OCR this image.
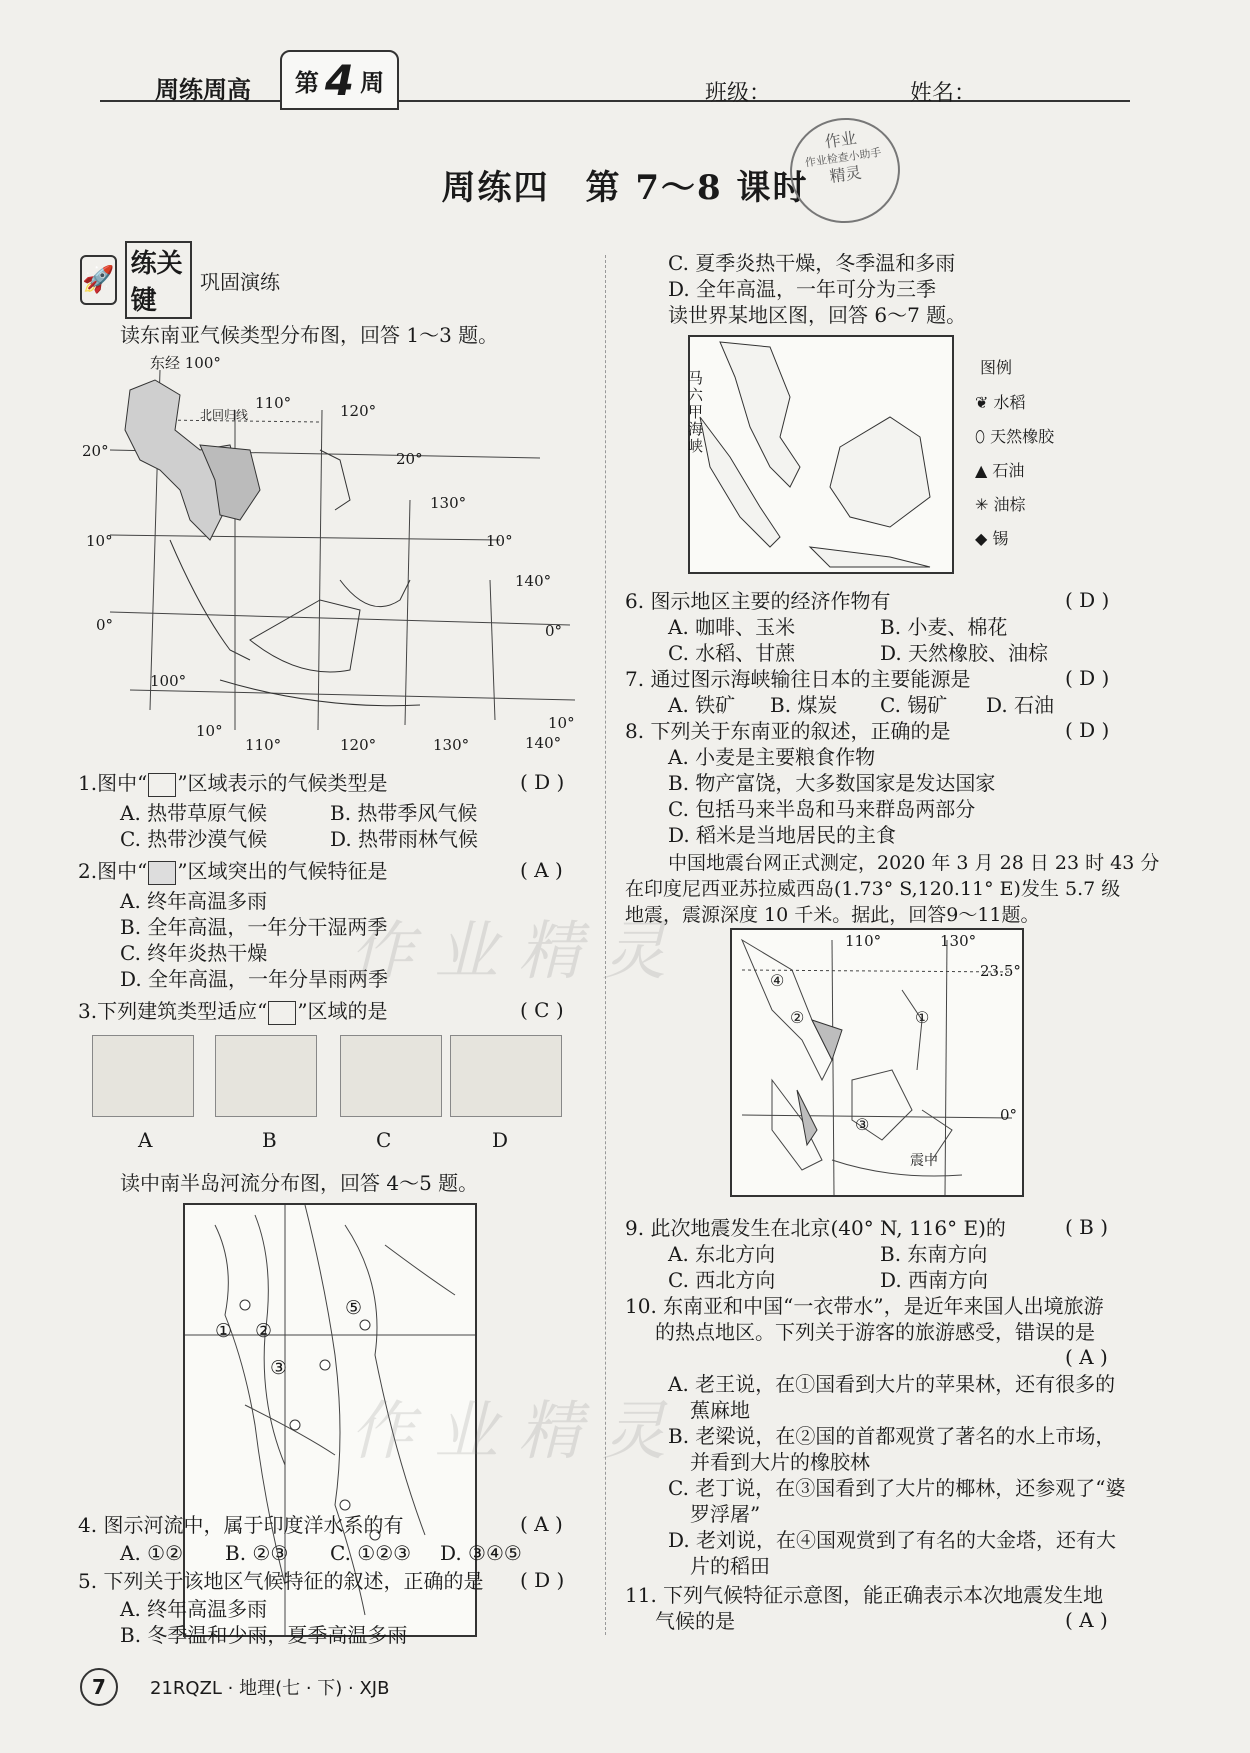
周练周高 第 4 周	班级：	姓名：
周练四　第 7～8 课时
作业
作业检查小助手
精灵
🚀
练关键
巩固演练
读东南亚气候类型分布图，回答 1～3 题。
东经 100°
110°	120°
北回归线
20°	20°
130°
10°	10°
140°
0°	0°
100°
10°
110°	120°	130°	140°
10°
1.图中“ ”区域表示的气候类型是	( D )
A. 热带草原气候	B. 热带季风气候
C. 热带沙漠气候	D. 热带雨林气候
2.图中“ ”区域突出的气候特征是	( A )
A. 终年高温多雨
B. 全年高温，一年分干湿两季
C. 终年炎热干燥
D. 全年高温，一年分旱雨两季
3.下列建筑类型适应“ ”区域的是	( C )
A	B	C	D
读中南半岛河流分布图，回答 4～5 题。
① ②
③
⑤
4. 图示河流中，属于印度洋水系的有	( A )
A. ①② B. ②③ C. ①②③ D. ③④⑤
5. 下列关于该地区气候特征的叙述，正确的是 ( D )
A. 终年高温多雨
B. 冬季温和少雨，夏季高温多雨
C. 夏季炎热干燥，冬季温和多雨
D. 全年高温，一年可分为三季
读世界某地区图，回答 6～7 题。
马
六
甲
海
峡
图例
❦ 水稻
⬯ 天然橡胶
▲ 石油
✳ 油棕
◆ 锡
6. 图示地区主要的经济作物有	( D )
A. 咖啡、玉米	B. 小麦、棉花
C. 水稻、甘蔗	D. 天然橡胶、油棕
7. 通过图示海峡输往日本的主要能源是	( D )
A. 铁矿 B. 煤炭 C. 锡矿 D. 石油
8. 下列关于东南亚的叙述，正确的是	( D )
A. 小麦是主要粮食作物
B. 物产富饶，大多数国家是发达国家
C. 包括马来半岛和马来群岛两部分
D. 稻米是当地居民的主食
中国地震台网正式测定，2020 年 3 月 28 日 23 时 43 分
在印度尼西亚苏拉威西岛(1.73° S,120.11° E)发生 5.7 级
地震，震源深度 10 千米。据此，回答9～11题。
110°	130°
23.5°
④
②	①
③	0°
震中
9. 此次地震发生在北京(40° N, 116° E)的	( B )
A. 东北方向	B. 东南方向
C. 西北方向	D. 西南方向
10. 东南亚和中国“一衣带水”，是近年来国人出境旅游
的热点地区。下列关于游客的旅游感受，错误的是
( A )
A. 老王说，在①国看到大片的苹果林，还有很多的
蕉麻地
B. 老梁说，在②国的首都观赏了著名的水上市场，
并看到大片的橡胶林
C. 老丁说，在③国看到了大片的椰林，还参观了“婆
罗浮屠”
D. 老刘说，在④国观赏到了有名的大金塔，还有大
片的稻田
11. 下列气候特征示意图，能正确表示本次地震发生地
气候的是	( A )
作业精灵
作业精灵
7	21RQZL · 地理(七 · 下) · XJB
